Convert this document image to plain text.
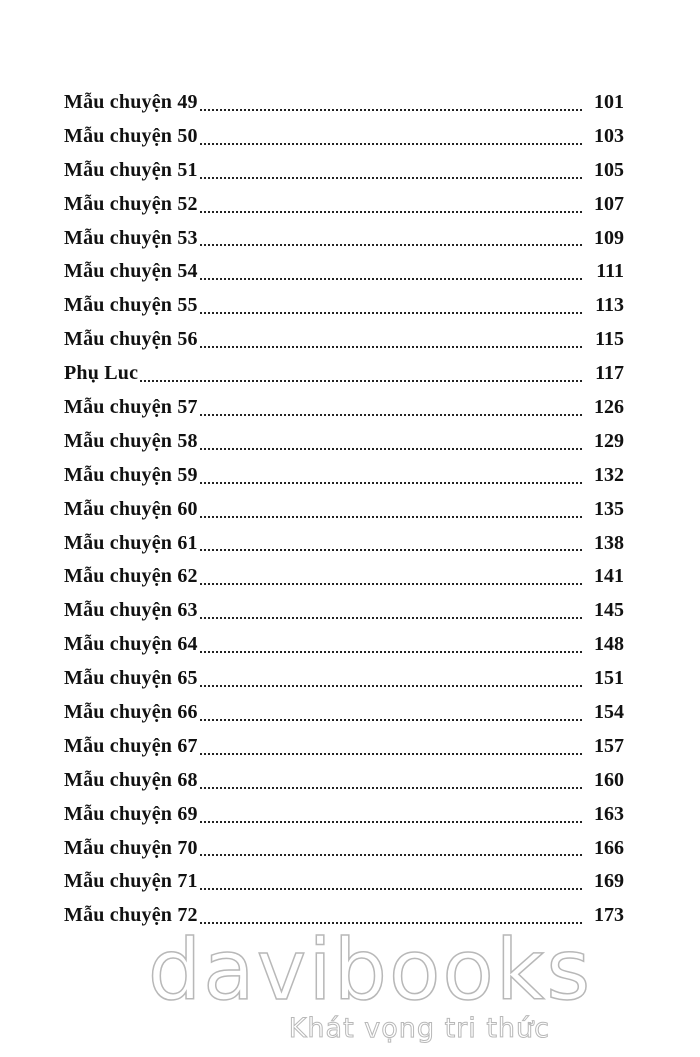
Mẫu chuyện 49	101
Mẫu chuyện 50	103
Mẫu chuyện 51	105
Mẫu chuyện 52	107
Mẫu chuyện 53	109
Mẫu chuyện 54	111
Mẫu chuyện 55	113
Mẫu chuyện 56	115
Phụ Luc	117
Mẫu chuyện 57	126
Mẫu chuyện 58	129
Mẫu chuyện 59	132
Mẫu chuyện 60	135
Mẫu chuyện 61	138
Mẫu chuyện 62	141
Mẫu chuyện 63	145
Mẫu chuyện 64	148
Mẫu chuyện 65	151
Mẫu chuyện 66	154
Mẫu chuyện 67	157
Mẫu chuyện 68	160
Mẫu chuyện 69	163
Mẫu chuyện 70	166
Mẫu chuyện 71	169
Mẫu chuyện 72	173
davibooks
Khát vọng tri thức
